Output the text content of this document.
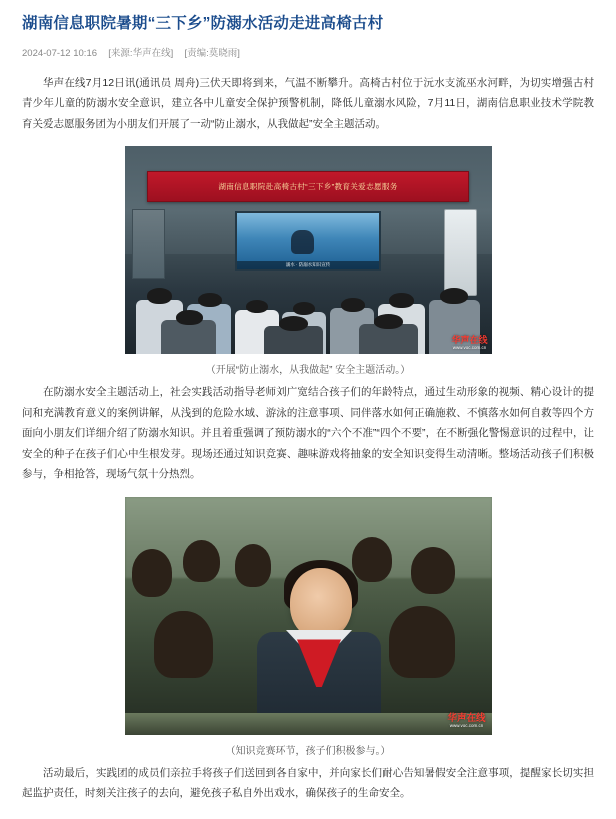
湖南信息职院暑期“三下乡”防溺水活动走进高椅古村
2024-07-12 10:16 [来源:华声在线] [责编:莫晓雨]

华声在线7月12日讯(通讯员 周舟)三伏天即将到来，气温不断攀升。高椅古村位于沅水支流巫水河畔，为切实增强古村青少年儿童的防溺水安全意识，建立各中儿童安全保护预警机制，降低儿童溺水风险，7月11日，湖南信息职业技术学院教育关爱志愿服务团为小朋友们开展了一动“防止溺水，从我做起”安全主题活动。

湖南信息职院赴高椅古村“三下乡”教育关爱志愿服务
溺水 · 防溺水知识宣传
华声在线
www.voc.com.cn
（开展“防止溺水，从我做起” 安全主题活动。）

在防溺水安全主题活动上，社会实践活动指导老师刘广宽结合孩子们的年龄特点，通过生动形象的视频、精心设计的提问和充满教育意义的案例讲解，从浅到的危险水域、游泳的注意事项、同伴落水如何正确施救、不慎落水如何自救等四个方面向小朋友们详细介绍了防溺水知识。并且着重强调了预防溺水的“六个不准”“四个不要”，在不断强化警惕意识的过程中，让安全的种子在孩子们心中生根发芽。现场还通过知识竞赛、趣味游戏将抽象的安全知识变得生动清晰。整场活动孩子们积极参与，争相抢答，现场气氛十分热烈。

华声在线
www.voc.com.cn
（知识竞赛环节，孩子们积极参与。）

活动最后，实践团的成员们亲拉手将孩子们送回到各自家中，并向家长们耐心告知暑假安全注意事项，提醒家长切实担起监护责任，时刻关注孩子的去向，避免孩子私自外出戏水，确保孩子的生命安全。
